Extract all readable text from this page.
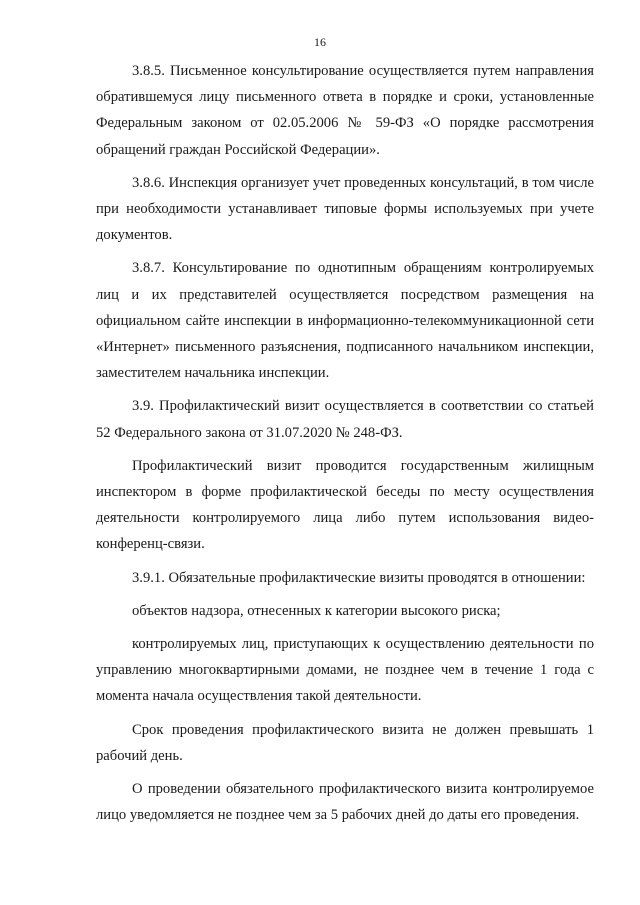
16

3.8.5. Письменное консультирование осуществляется путем направления обратившемуся лицу письменного ответа в порядке и сроки, установленные Федеральным законом от 02.05.2006 № 59-ФЗ «О порядке рассмотрения обращений граждан Российской Федерации».

3.8.6. Инспекция организует учет проведенных консультаций, в том числе при необходимости устанавливает типовые формы используемых при учете документов.

3.8.7. Консультирование по однотипным обращениям контролируемых лиц и их представителей осуществляется посредством размещения на официальном сайте инспекции в информационно-телекоммуникационной сети «Интернет» письменного разъяснения, подписанного начальником инспекции, заместителем начальника инспекции.

3.9. Профилактический визит осуществляется в соответствии со статьей 52 Федерального закона от 31.07.2020 № 248-ФЗ.

Профилактический визит проводится государственным жилищным инспектором в форме профилактической беседы по месту осуществления деятельности контролируемого лица либо путем использования видео-конференц-связи.

3.9.1. Обязательные профилактические визиты проводятся в отношении:

объектов надзора, отнесенных к категории высокого риска;

контролируемых лиц, приступающих к осуществлению деятельности по управлению многоквартирными домами, не позднее чем в течение 1 года с момента начала осуществления такой деятельности.

Срок проведения профилактического визита не должен превышать 1 рабочий день.

О проведении обязательного профилактического визита контролируемое лицо уведомляется не позднее чем за 5 рабочих дней до даты его проведения.
